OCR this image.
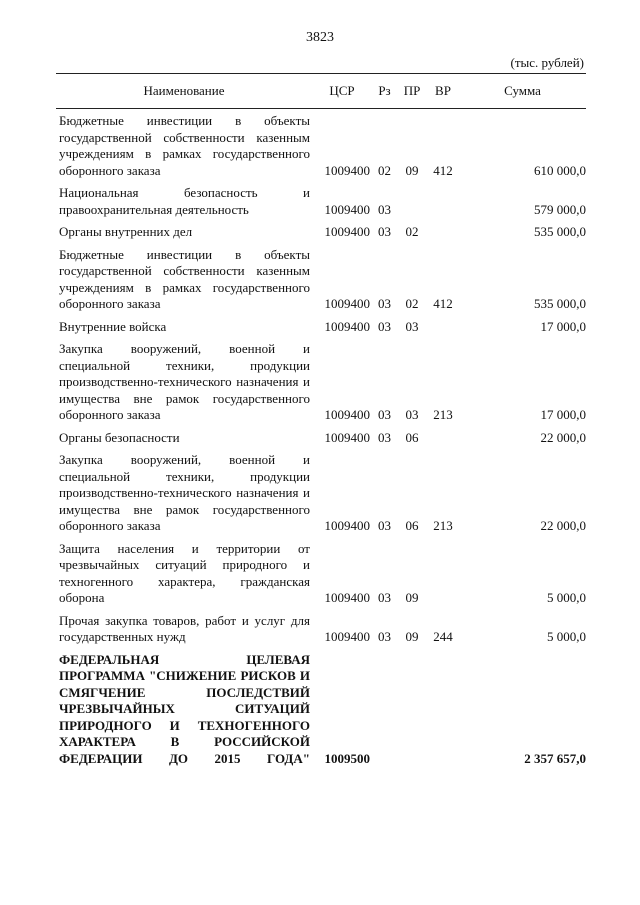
3823
(тыс. рублей)
Наименование	ЦСР	Рз	ПР	ВР	Сумма
Бюджетные инвестиции в объекты государственной собственности казенным учреждениям в рамках государственного оборонного заказа	1009400	02	09	412	610 000,0
Национальная безопасность и правоохранительная деятельность	1009400	03			579 000,0
Органы внутренних дел	1009400	03	02		535 000,0
Бюджетные инвестиции в объекты государственной собственности казенным учреждениям в рамках государственного оборонного заказа	1009400	03	02	412	535 000,0
Внутренние войска	1009400	03	03		17 000,0
Закупка вооружений, военной и специальной техники, продукции производственно-технического назначения и имущества вне рамок государственного оборонного заказа	1009400	03	03	213	17 000,0
Органы безопасности	1009400	03	06		22 000,0
Закупка вооружений, военной и специальной техники, продукции производственно-технического назначения и имущества вне рамок государственного оборонного заказа	1009400	03	06	213	22 000,0
Защита населения и территории от чрезвычайных ситуаций природного и техногенного характера, гражданская оборона	1009400	03	09		5 000,0
Прочая закупка товаров, работ и услуг для государственных нужд	1009400	03	09	244	5 000,0
ФЕДЕРАЛЬНАЯ ЦЕЛЕВАЯ ПРОГРАММА "СНИЖЕНИЕ РИСКОВ И СМЯГЧЕНИЕ ПОСЛЕДСТВИЙ ЧРЕЗВЫЧАЙНЫХ СИТУАЦИЙ ПРИРОДНОГО И ТЕХНОГЕННОГО ХАРАКТЕРА В РОССИЙСКОЙ ФЕДЕРАЦИИ ДО 2015 ГОДА"	1009500				2 357 657,0
